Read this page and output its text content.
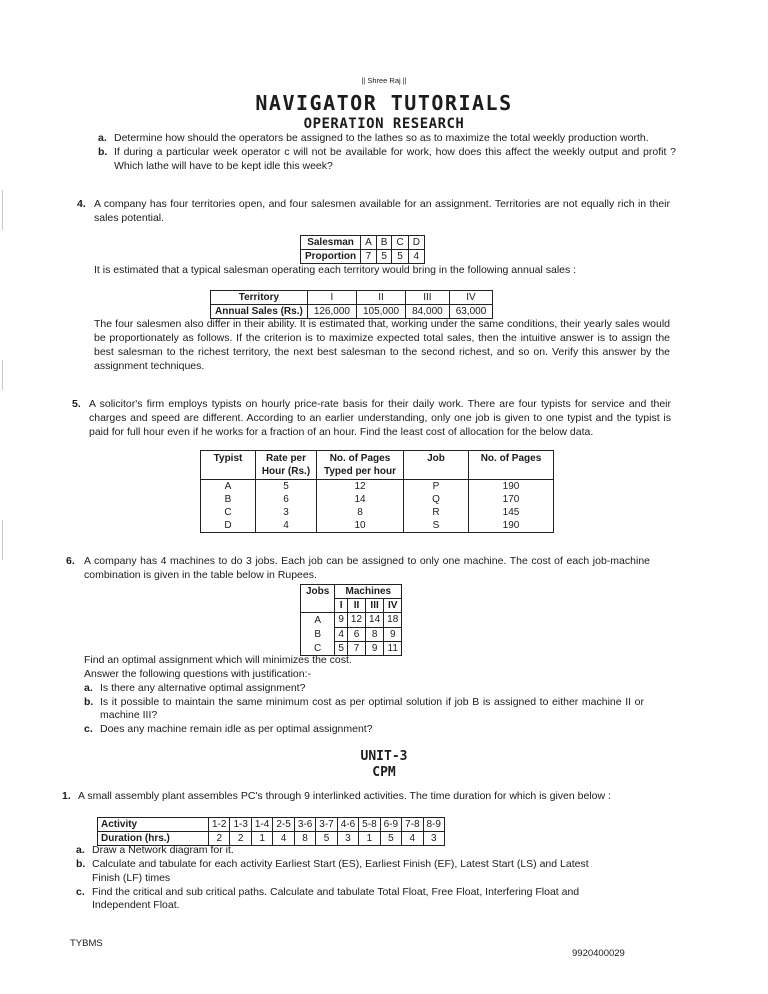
|| Shree Raj ||
NAVIGATOR TUTORIALS
OPERATION RESEARCH
a. Determine how should the operators be assigned to the lathes so as to maximize the total weekly production worth.
b. If during a particular week operator c will not be available for work, how does this affect the weekly output and profit ? Which lathe will have to be kept idle this week?
4. A company has four territories open, and four salesmen available for an assignment. Territories are not equally rich in their sales potential.
Salesman	A	B	C	D
Proportion	7	5	5	4
It is estimated that a typical salesman operating each territory would bring in the following annual sales :
Territory	I	II	III	IV
Annual Sales (Rs.)	126,000	105,000	84,000	63,000
The four salesmen also differ in their ability. It is estimated that, working under the same conditions, their yearly sales would be proportionately as follows. If the criterion is to maximize expected total sales, then the intuitive answer is to assign the best salesman to the richest territory, the next best salesman to the second richest, and so on. Verify this answer by the assignment techniques.
5. A solicitor's firm employs typists on hourly price-rate basis for their daily work. There are four typists for service and their charges and speed are different. According to an earlier understanding, only one job is given to one typist and the typist is paid for full hour even if he works for a fraction of an hour. Find the least cost of allocation for the below data.
Typist	Rate per Hour (Rs.)	No. of Pages Typed per hour	Job	No. of Pages
A	5	12	P	190
B	6	14	Q	170
C	3	8	R	145
D	4	10	S	190
6. A company has 4 machines to do 3 jobs. Each job can be assigned to only one machine. The cost of each job-machine combination is given in the table below in Rupees.
Jobs	Machines			
	I	II	III	IV
A	9	12	14	18
B	4	6	8	9
C	5	7	9	11
Find an optimal assignment which will minimizes the cost.
Answer the following questions with justification:-
a. Is there any alternative optimal assignment?
b. Is it possible to maintain the same minimum cost as per optimal solution if job B is assigned to either machine II or machine III?
c. Does any machine remain idle as per optimal assignment?
UNIT-3
CPM
1. A small assembly plant assembles PC's through 9 interlinked activities. The time duration for which is given below :
Activity	1-2	1-3	1-4	2-5	3-6	3-7	4-6	5-8	6-9	7-8	8-9
Duration (hrs.)	2	2	1	4	8	5	3	1	5	4	3
a. Draw a Network diagram for it.
b. Calculate and tabulate for each activity Earliest Start (ES), Earliest Finish (EF), Latest Start (LS) and Latest Finish (LF) times
c. Find the critical and sub critical paths. Calculate and tabulate Total Float, Free Float, Interfering Float and Independent Float.
TYBMS
9920400029
